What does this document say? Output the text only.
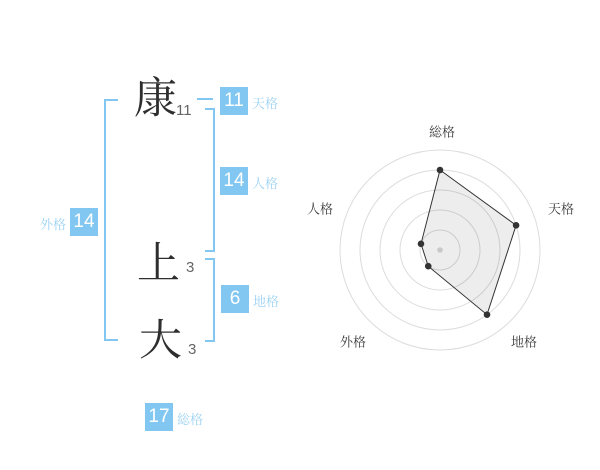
康 11
上 3
大 3
11 天格
14 人格
外格 14
6 地格
17 総格
総格
天格
地格
外格
人格
